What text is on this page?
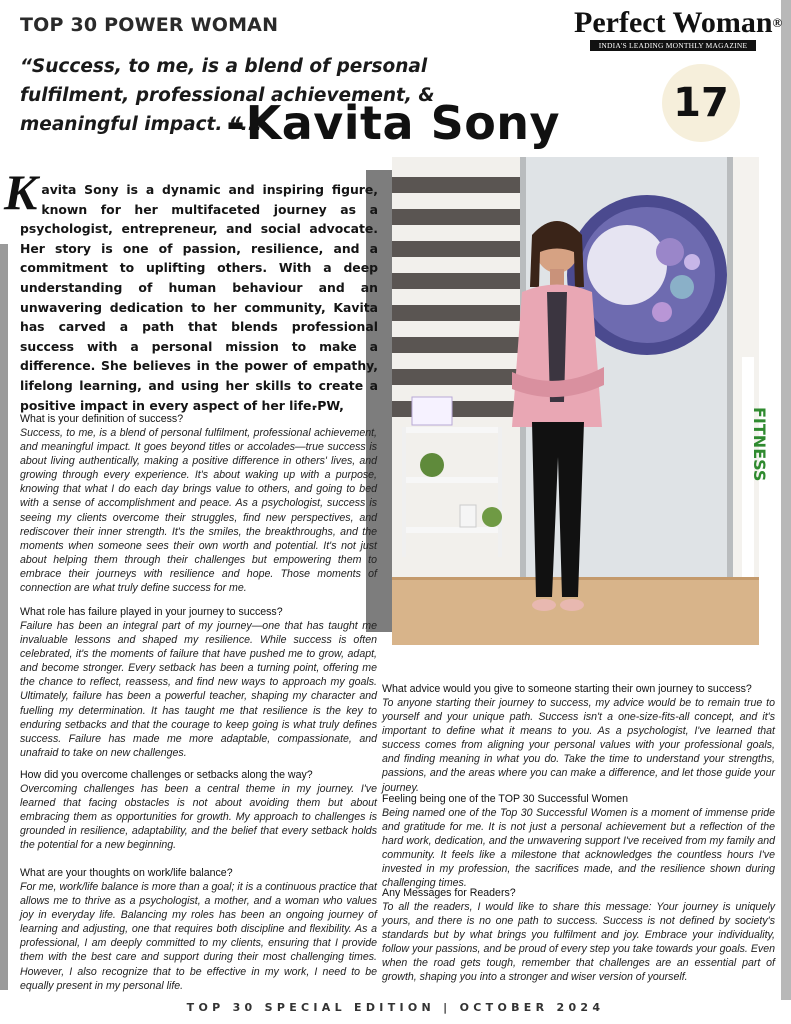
TOP 30 POWER WOMAN	Perfect Woman®
INDIA'S LEADING MONTHLY MAGAZINE
“Success, to me, is a blend of personal fulfilment, professional achievement, & meaningful impact. “...	17
-Kavita Sony
FITNESS
K avita Sony is a dynamic and inspiring figure, known for her multifaceted journey as a psychologist, entrepreneur, and social advocate. Her story is one of passion, resilience, and a commitment to uplifting others. With a deep understanding of human behaviour and an unwavering dedication to her community, Kavita has carved a path that blends professional success with a personal mission to make a difference. She believes in the power of empathy, lifelong learning, and using her skills to create a positive impact in every aspect of her life.
-PW,
What is your definition of success?
Success, to me, is a blend of personal fulfilment, professional achievement, and meaningful impact. It goes beyond titles or accolades—true success is about living authentically, making a positive difference in others' lives, and growing through every experience. It's about waking up with a purpose, knowing that what I do each day brings value to others, and going to bed with a sense of accomplishment and peace. As a psychologist, success is seeing my clients overcome their struggles, find new perspectives, and rediscover their inner strength. It's the smiles, the breakthroughs, and the moments when someone sees their own worth and potential. It's not just about helping them through their challenges but empowering them to embrace their journeys with resilience and hope. Those moments of connection are what truly define success for me.
What role has failure played in your journey to success?
Failure has been an integral part of my journey—one that has taught me invaluable lessons and shaped my resilience. While success is often celebrated, it's the moments of failure that have pushed me to grow, adapt, and become stronger. Every setback has been a turning point, offering me the chance to reflect, reassess, and find new ways to approach my goals. Ultimately, failure has been a powerful teacher, shaping my character and fuelling my determination. It has taught me that resilience is the key to enduring setbacks and that the courage to keep going is what truly defines success. Failure has made me more adaptable, compassionate, and unafraid to take on new challenges.
How did you overcome challenges or setbacks along the way?
Overcoming challenges has been a central theme in my journey. I've learned that facing obstacles is not about avoiding them but about embracing them as opportunities for growth. My approach to challenges is grounded in resilience, adaptability, and the belief that every setback holds the potential for a new beginning.
What are your thoughts on work/life balance?
For me, work/life balance is more than a goal; it is a continuous practice that allows me to thrive as a psychologist, a mother, and a woman who values joy in everyday life. Balancing my roles has been an ongoing journey of learning and adjusting, one that requires both discipline and flexibility. As a professional, I am deeply committed to my clients, ensuring that I provide them with the best care and support during their most challenging times. However, I also recognize that to be effective in my work, I need to be equally present in my personal life.
What advice would you give to someone starting their own journey to success?
To anyone starting their journey to success, my advice would be to remain true to yourself and your unique path. Success isn't a one-size-fits-all concept, and it's important to define what it means to you. As a psychologist, I've learned that success comes from aligning your personal values with your professional goals, and finding meaning in what you do. Take the time to understand your strengths, passions, and the areas where you can make a difference, and let those guide your journey.
Feeling being one of the TOP 30 Successful Women
Being named one of the Top 30 Successful Women is a moment of immense pride and gratitude for me. It is not just a personal achievement but a reflection of the hard work, dedication, and the unwavering support I've received from my family and community. It feels like a milestone that acknowledges the countless hours I've invested in my profession, the sacrifices made, and the resilience shown during challenging times.
Any Messages for Readers?
To all the readers, I would like to share this message: Your journey is uniquely yours, and there is no one path to success. Success is not defined by society's standards but by what brings you fulfilment and joy. Embrace your individuality, follow your passions, and be proud of every step you take towards your goals. Even when the road gets tough, remember that challenges are an essential part of growth, shaping you into a stronger and wiser version of yourself.
TOP 30 SPECIAL EDITION | OCTOBER 2024
